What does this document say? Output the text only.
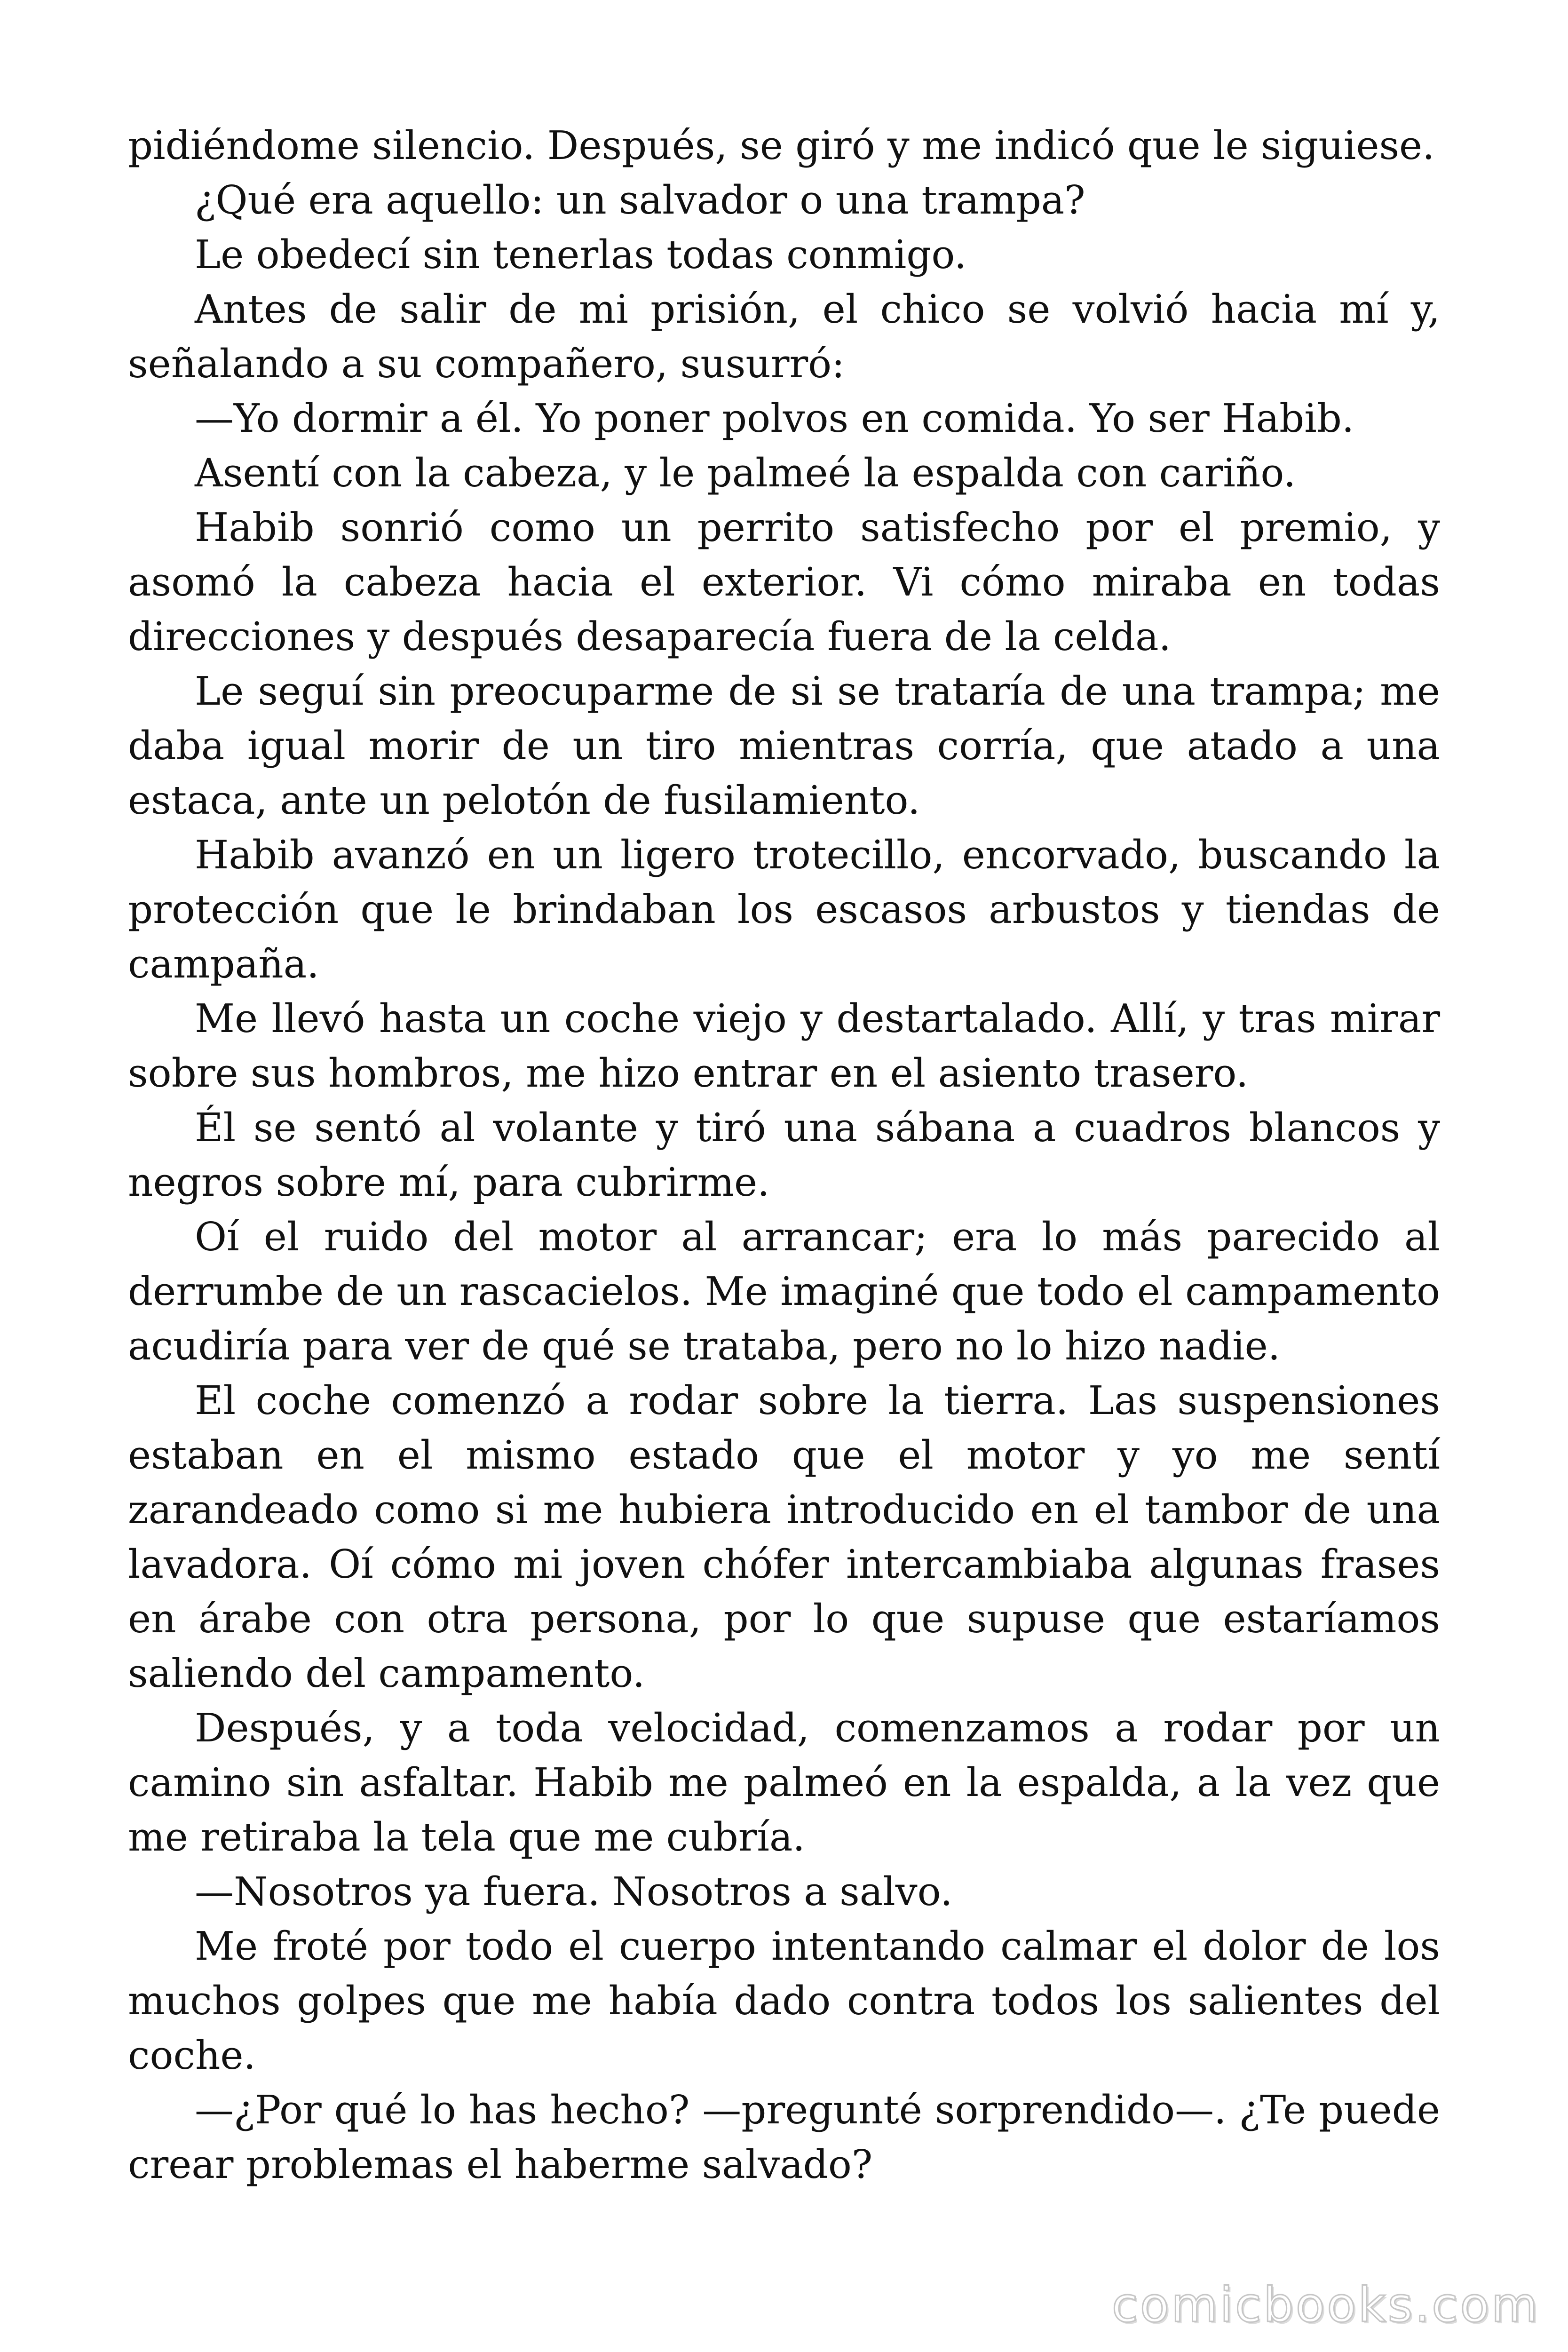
pidiéndome silencio. Después, se giró y me indicó que le siguiese.

¿Qué era aquello: un salvador o una trampa?

Le obedecí sin tenerlas todas conmigo.

Antes de salir de mi prisión, el chico se volvió hacia mí y, señalando a su compañero, susurró:

—Yo dormir a él. Yo poner polvos en comida. Yo ser Habib.

Asentí con la cabeza, y le palmeé la espalda con cariño.

Habib sonrió como un perrito satisfecho por el premio, y asomó la cabeza hacia el exterior. Vi cómo miraba en todas direcciones y después desaparecía fuera de la celda.

Le seguí sin preocuparme de si se trataría de una trampa; me daba igual morir de un tiro mientras corría, que atado a una estaca, ante un pelotón de fusilamiento.

Habib avanzó en un ligero trotecillo, encorvado, buscando la protección que le brindaban los escasos arbustos y tiendas de campaña.

Me llevó hasta un coche viejo y destartalado. Allí, y tras mirar sobre sus hombros, me hizo entrar en el asiento trasero.

Él se sentó al volante y tiró una sábana a cuadros blancos y negros sobre mí, para cubrirme.

Oí el ruido del motor al arrancar; era lo más parecido al derrumbe de un rascacielos. Me imaginé que todo el campamento acudiría para ver de qué se trataba, pero no lo hizo nadie.

El coche comenzó a rodar sobre la tierra. Las suspensiones estaban en el mismo estado que el motor y yo me sentí zarandeado como si me hubiera introducido en el tambor de una lavadora. Oí cómo mi joven chófer intercambiaba algunas frases en árabe con otra persona, por lo que supuse que estaríamos saliendo del campamento.

Después, y a toda velocidad, comenzamos a rodar por un camino sin asfaltar. Habib me palmeó en la espalda, a la vez que me retiraba la tela que me cubría.

—Nosotros ya fuera. Nosotros a salvo.

Me froté por todo el cuerpo intentando calmar el dolor de los muchos golpes que me había dado contra todos los salientes del coche.

—¿Por qué lo has hecho? —pregunté sorprendido—. ¿Te puede crear problemas el haberme salvado?

comicbooks.com
